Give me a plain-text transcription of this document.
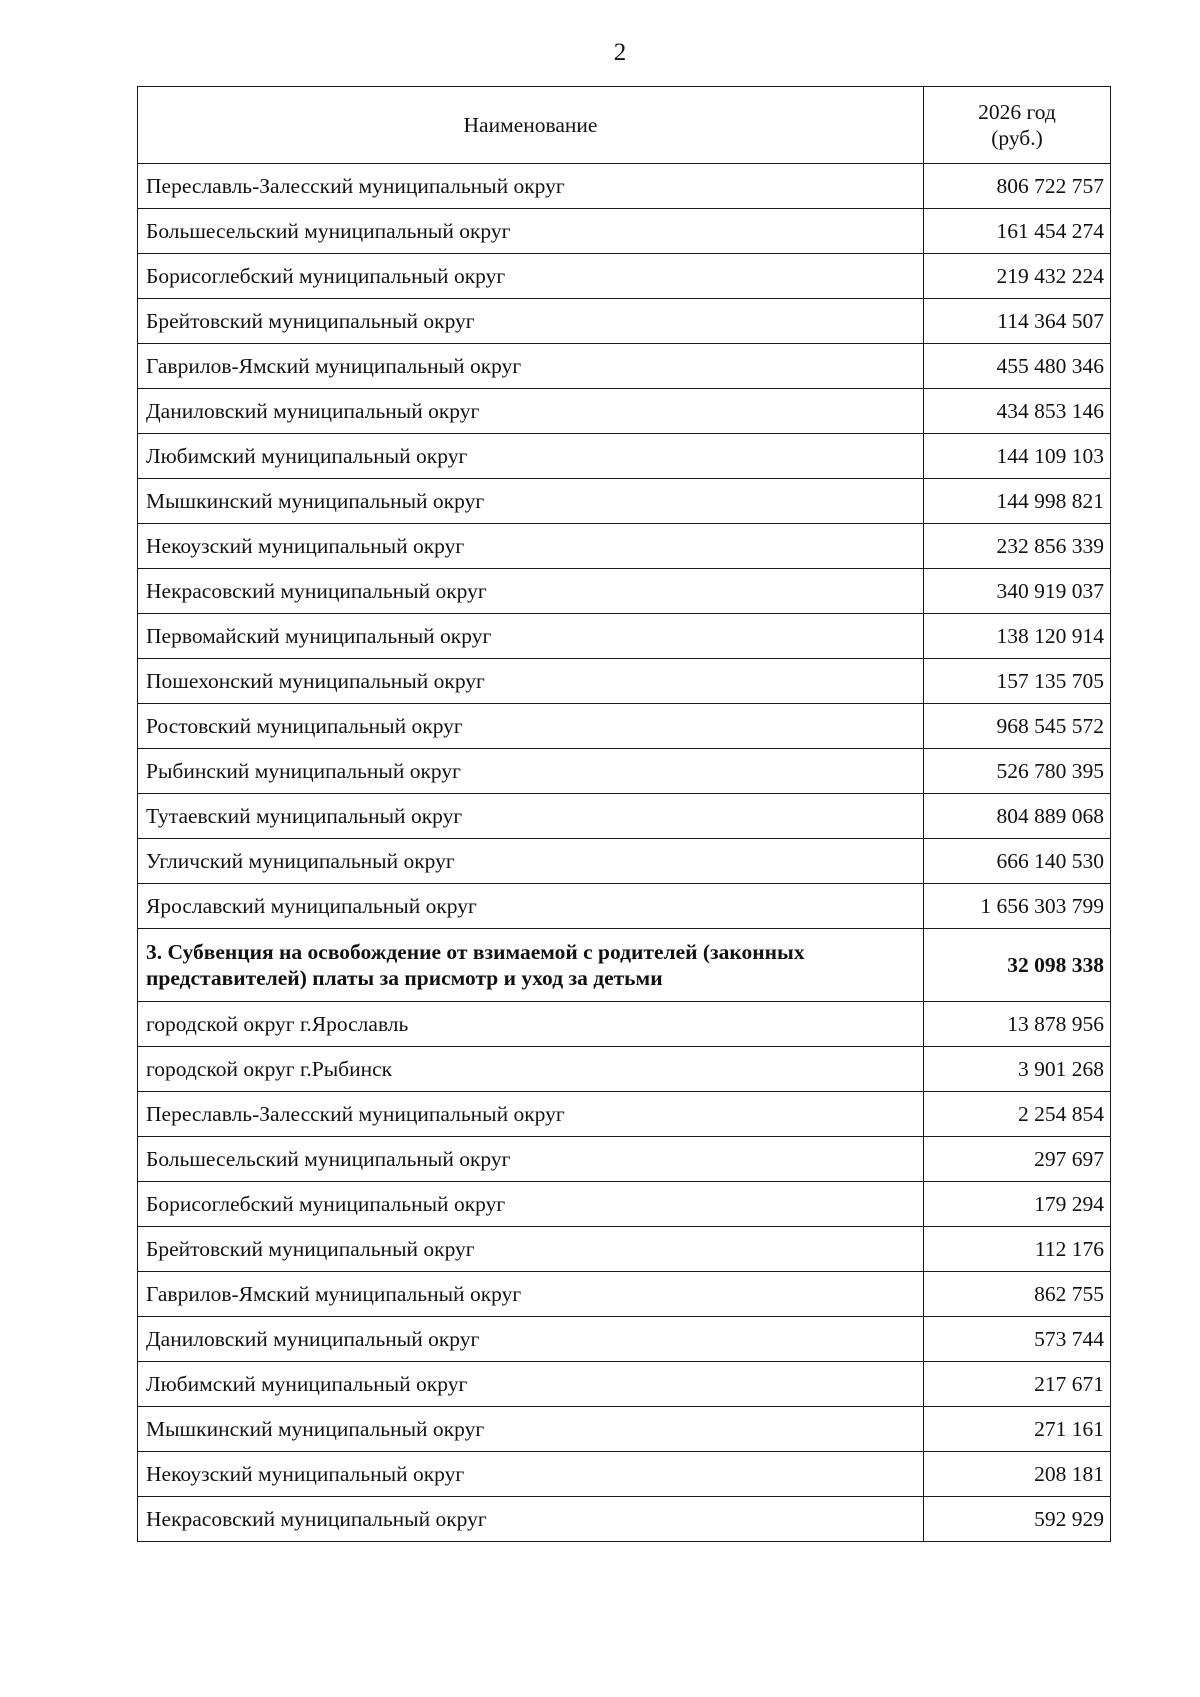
2
Наименование	2026 год
(руб.)

Переславль-Залесский муниципальный округ	806 722 757
Большесельский муниципальный округ	161 454 274
Борисоглебский муниципальный округ	219 432 224
Брейтовский муниципальный округ	114 364 507
Гаврилов-Ямский муниципальный округ	455 480 346
Даниловский муниципальный округ	434 853 146
Любимский муниципальный округ	144 109 103
Мышкинский муниципальный округ	144 998 821
Некоузский муниципальный округ	232 856 339
Некрасовский муниципальный округ	340 919 037
Первомайский муниципальный округ	138 120 914
Пошехонский муниципальный округ	157 135 705
Ростовский муниципальный округ	968 545 572
Рыбинский муниципальный округ	526 780 395
Тутаевский муниципальный округ	804 889 068
Угличский муниципальный округ	666 140 530
Ярославский муниципальный округ	1 656 303 799
3. Субвенция на освобождение от взимаемой с родителей (законных представителей) платы за присмотр и уход за детьми	32 098 338
городской округ г.Ярославль	13 878 956
городской округ г.Рыбинск	3 901 268
Переславль-Залесский муниципальный округ	2 254 854
Большесельский муниципальный округ	297 697
Борисоглебский муниципальный округ	179 294
Брейтовский муниципальный округ	112 176
Гаврилов-Ямский муниципальный округ	862 755
Даниловский муниципальный округ	573 744
Любимский муниципальный округ	217 671
Мышкинский муниципальный округ	271 161
Некоузский муниципальный округ	208 181
Некрасовский муниципальный округ	592 929
